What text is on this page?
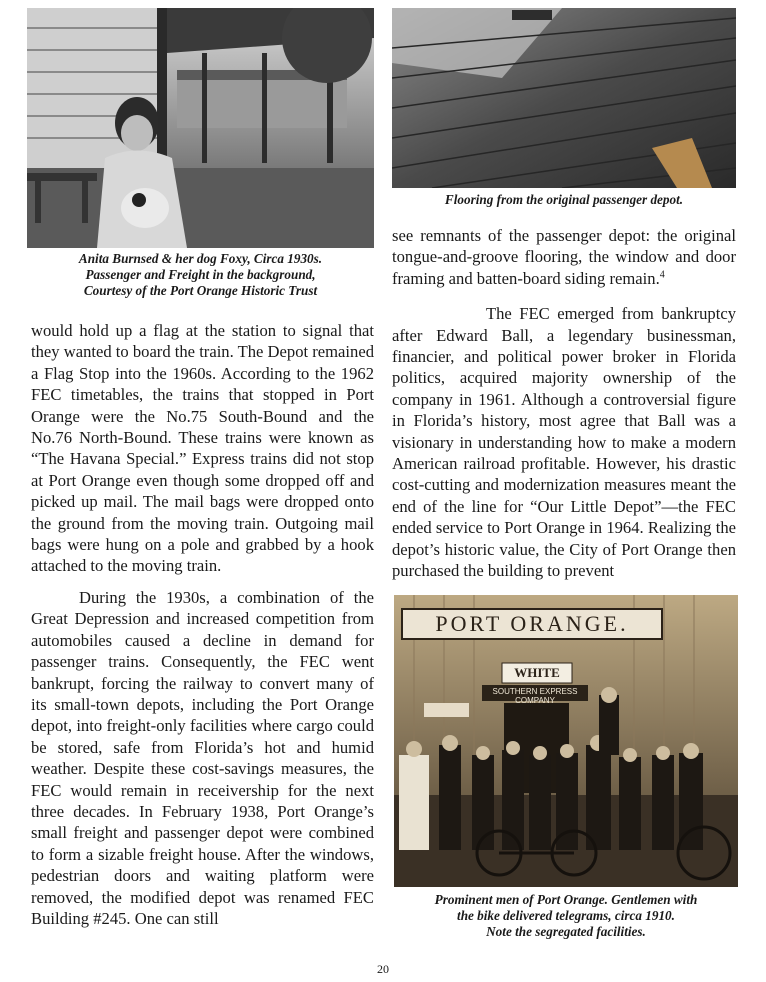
Anita Burnsed & her dog Foxy, Circa 1930s.
Passenger and Freight in the background,
Courtesy of the Port Orange Historic Trust
Flooring from the original passenger depot.

would hold up a flag at the station to signal that they wanted to board the train. The Depot remained a Flag Stop into the 1960s. According to the 1962 FEC timetables, the trains that stopped in Port Orange were the No.75 South-Bound and the No.76 North-Bound. These trains were known as “The Havana Special.” Express trains did not stop at Port Orange even though some dropped off and picked up mail. The mail bags were dropped onto the ground from the moving train. Outgoing mail bags were hung on a pole and grabbed by a hook attached to the moving train.

During the 1930s, a combination of the Great Depression and increased competition from automobiles caused a decline in demand for passenger trains. Consequently, the FEC went bankrupt, forcing the railway to convert many of its small-town depots, including the Port Orange depot, into freight-only facilities where cargo could be stored, safe from Florida’s hot and humid weather. Despite these cost-savings measures, the FEC would remain in receivership for the next three decades. In February 1938, Port Orange’s small freight and passenger depot were combined to form a sizable freight house. After the windows, pedestrian doors and waiting platform were removed, the modified depot was renamed FEC Building #245. One can still

see remnants of the passenger depot: the original tongue-and-groove flooring, the window and door framing and batten-board siding remain.$^4$

The FEC emerged from bankruptcy after Edward Ball, a legendary businessman, financier, and political power broker in Florida politics, acquired majority ownership of the company in 1961. Although a controversial figure in Florida’s history, most agree that Ball was a visionary in understanding how to make a modern American railroad profitable. However, his drastic cost-cutting and modernization measures meant the end of the line for “Our Little Depot”—the FEC ended service to Port Orange in 1964. Realizing the depot’s historic value, the City of Port Orange then purchased the building to prevent

PORT ORANGE.
WHITE
SOUTHERN EXPRESS COMPANY
Prominent men of Port Orange. Gentlemen with
the bike delivered telegrams, circa 1910.
Note the segregated facilities.
20
